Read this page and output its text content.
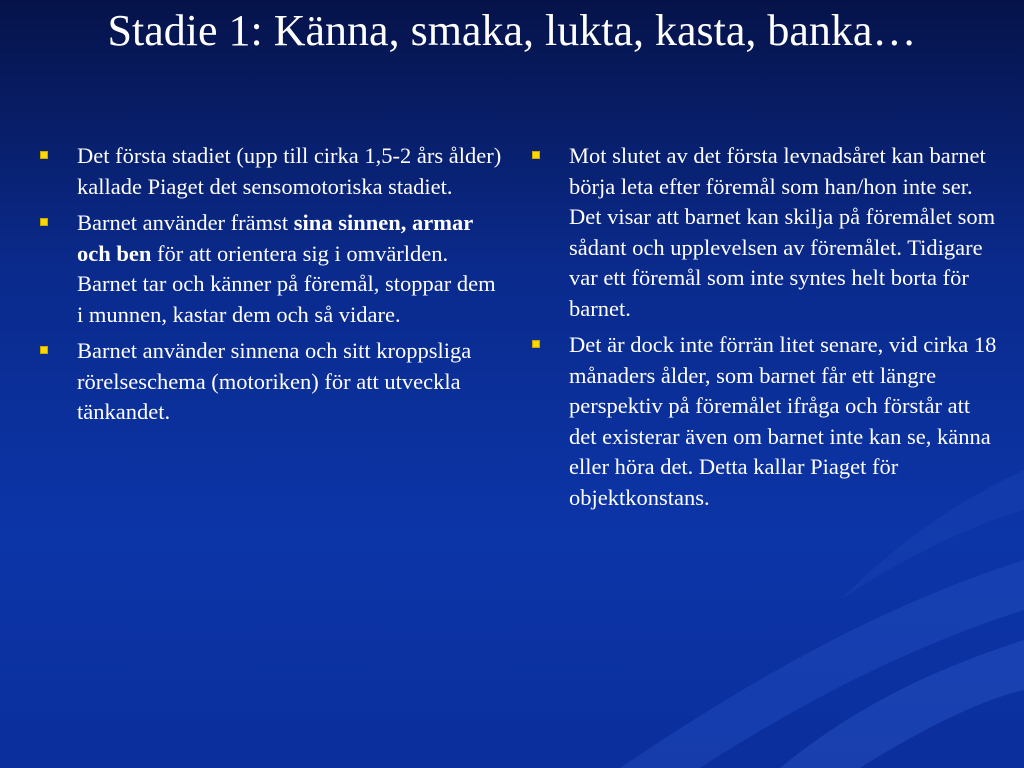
Stadie 1: Känna, smaka, lukta, kasta, banka…
Det första stadiet (upp till cirka 1,5-2 års ålder) kallade Piaget det sensomotoriska stadiet.
Barnet använder främst sina sinnen, armar och ben för att orientera sig i omvärlden. Barnet tar och känner på föremål, stoppar dem i munnen, kastar dem och så vidare.
Barnet använder sinnena och sitt kroppsliga rörelseschema (motoriken) för att utveckla tänkandet.
Mot slutet av det första levnadsåret kan barnet börja leta efter föremål som han/hon inte ser. Det visar att barnet kan skilja på föremålet som sådant och upplevelsen av föremålet. Tidigare var ett föremål som inte syntes helt borta för barnet.
Det är dock inte förrän litet senare, vid cirka 18 månaders ålder, som barnet får ett längre perspektiv på föremålet ifråga och förstår att det existerar även om barnet inte kan se, känna eller höra det. Detta kallar Piaget för objektkonstans.
